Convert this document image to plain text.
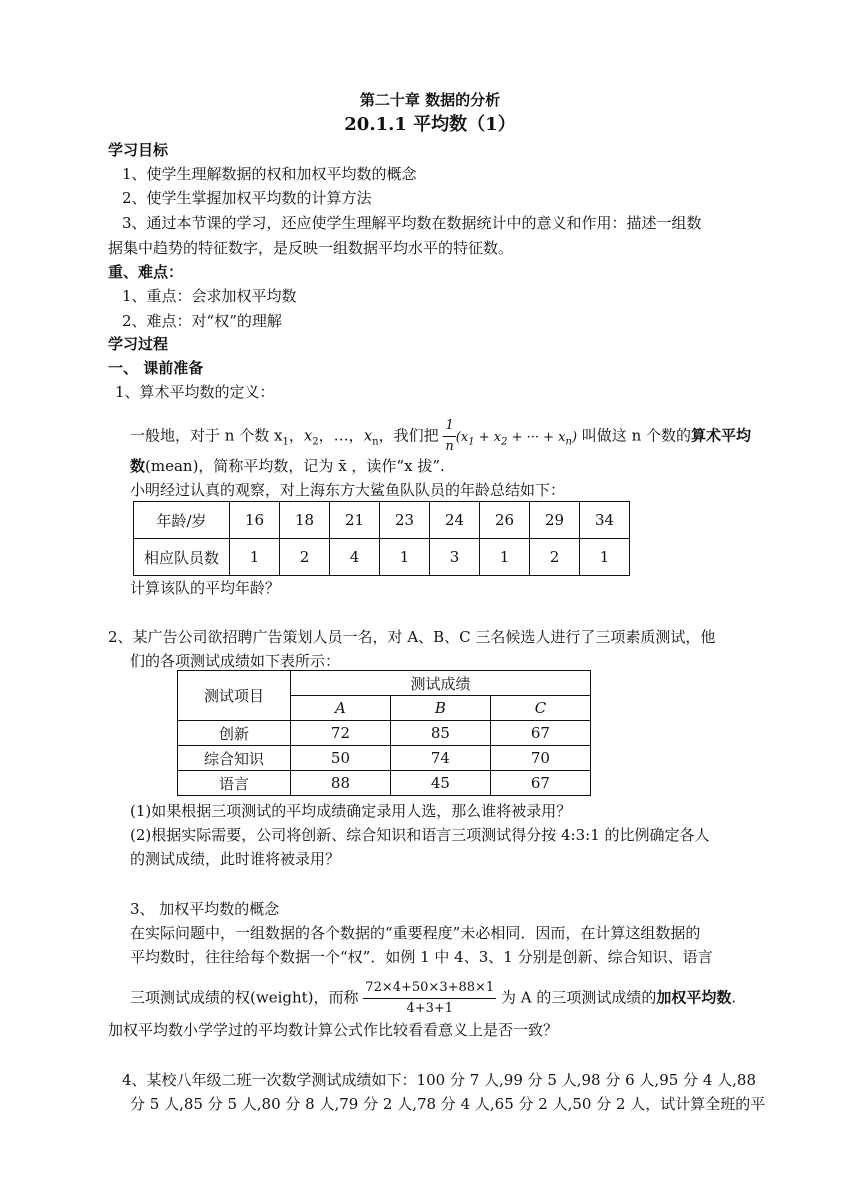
第二十章 数据的分析
20.1.1 平均数（1）
学习目标
1、使学生理解数据的权和加权平均数的概念
2、使学生掌握加权平均数的计算方法
3、通过本节课的学习，还应使学生理解平均数在数据统计中的意义和作用：描述一组数
据集中趋势的特征数字，是反映一组数据平均水平的特征数。
重、难点：
1、重点：会求加权平均数
2、难点：对“权”的理解
学习过程
一、 课前准备
1、算术平均数的定义：
一般地，对于 n 个数 $x_1$，$x_2$，…，$x_n$，我们把 $\frac{1}{n} (x_1 + x_2$ + ··· + $x_n$) 叫做这 n 个数的算术平均
数(mean)，简称平均数，记为 x̄ ，读作“x 拔”.
小明经过认真的观察，对上海东方大鲨鱼队队员的年龄总结如下：
年龄/岁	16	18	21	23	24	26	29	34
相应队员数	1	2	4	1	3	1	2	1
计算该队的平均年龄？
2、某广告公司欲招聘广告策划人员一名，对 A、B、C 三名候选人进行了三项素质测试，他
们的各项测试成绩如下表所示：
测试项目	测试成绩		
	A	B	C
创新	72	85	67
综合知识	50	74	70
语言	88	45	67
(1)如果根据三项测试的平均成绩确定录用人选，那么谁将被录用？
(2)根据实际需要，公司将创新、综合知识和语言三项测试得分按 4:3:1 的比例确定各人
的测试成绩，此时谁将被录用？
3、 加权平均数的概念
在实际问题中，一组数据的各个数据的“重要程度”未必相同．因而，在计算这组数据的
平均数时，往往给每个数据一个“权”．如例 1 中 4、3、1 分别是创新、综合知识、语言
三项测试成绩的权(weight)，而称 $\frac{72\times 4+50\times 3+88\times 1}{4+3+1}$ 为 A 的三项测试成绩的加权平均数.
加权平均数小学学过的平均数计算公式作比较看看意义上是否一致？
4、某校八年级二班一次数学测试成绩如下：100 分 7 人,99 分 5 人,98 分 6 人,95 分 4 人,88
分 5 人,85 分 5 人,80 分 8 人,79 分 2 人,78 分 4 人,65 分 2 人,50 分 2 人，试计算全班的平
